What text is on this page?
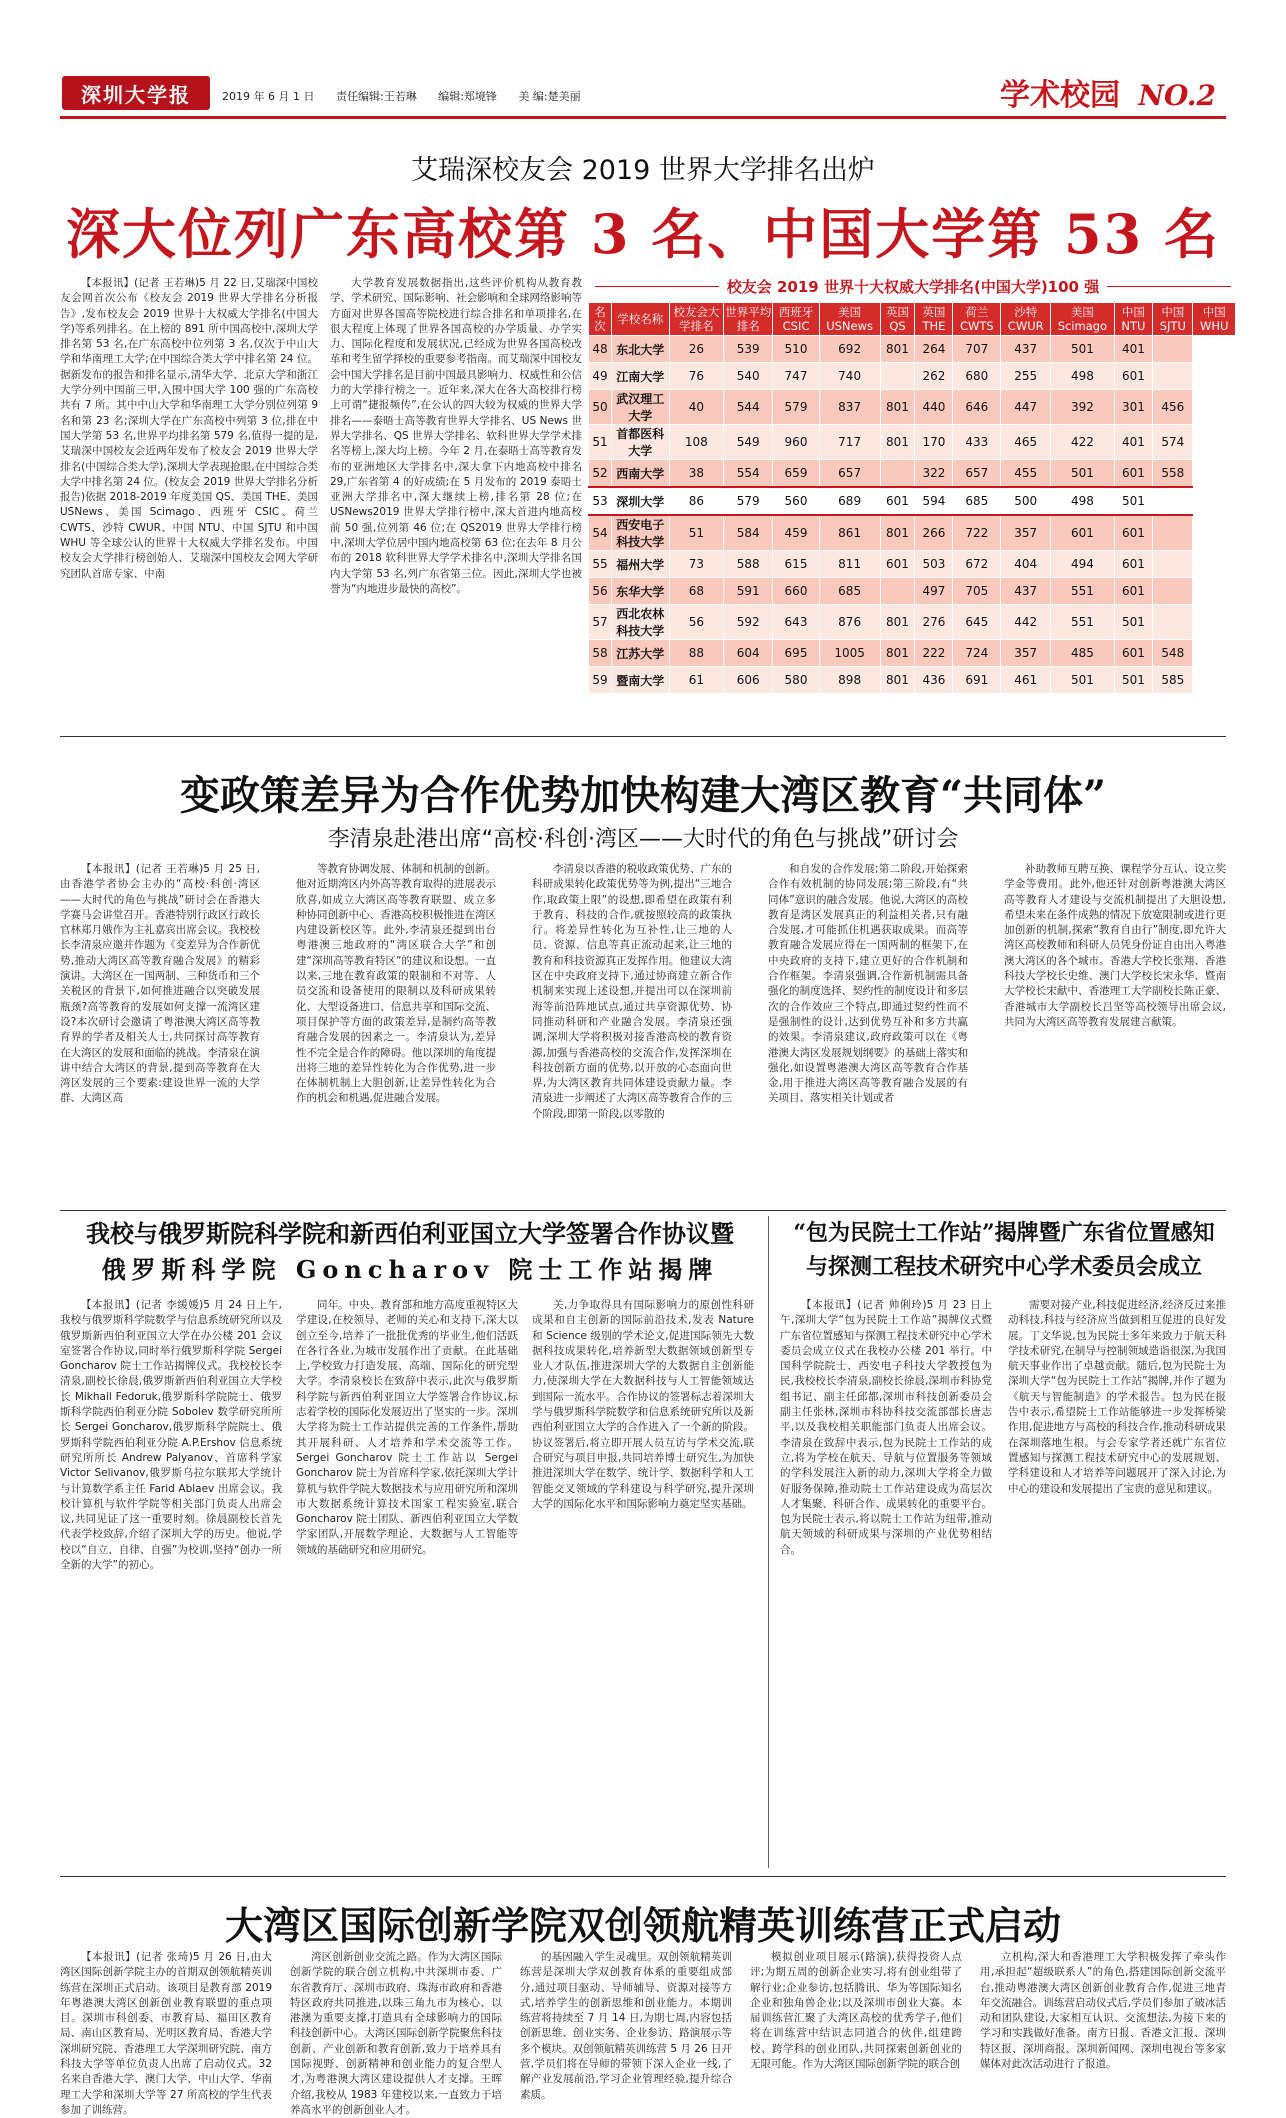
深圳大学报	2019 年 6 月 1 日 责任编辑:王若琳 编辑:郑境锋 美 编:楚美丽	学术校园 NO.2
艾瑞深校友会 2019 世界大学排名出炉
深大位列广东高校第 3 名、中国大学第 53 名

【本报讯】(记者 王若琳)5 月 22 日,艾瑞深中国校友会网首次公布《校友会 2019 世界大学排名分析报告》,发布校友会 2019 世界十大权威大学排名(中国大学)等系列排名。在上榜的 891 所中国高校中,深圳大学排名第 53 名,在广东高校中位列第 3 名,仅次于中山大学和华南理工大学;在中国综合类大学中排名第 24 位。据新发布的报告和排名显示,清华大学、北京大学和浙江大学分列中国前三甲,入围中国大学 100 强的广东高校共有 7 所。其中中山大学和华南理工大学分别位列第 9 名和第 23 名;深圳大学在广东高校中列第 3 位,排在中国大学第 53 名,世界平均排名第 579 名,值得一提的是,艾瑞深中国校友会近两年发布了校友会 2019 世界大学排名(中国综合类大学),深圳大学表现抢眼,在中国综合类大学中排名第 24 位。(校友会 2019 世界大学排名分析报告)依据 2018-2019 年度美国 QS、美国 THE、美国 USNews、美国 Scimago、西班牙 CSIC、荷兰 CWTS、沙特 CWUR、中国 NTU、中国 SJTU 和中国 WHU 等全球公认的世界十大权威大学排名发布。中国校友会大学排行榜创始人、艾瑞深中国校友会网大学研究团队首席专家、中南

大学教育发展数据指出,这些评价机构从教育教学、学术研究、国际影响、社会影响和全球网络影响等方面对世界各国高等院校进行综合排名和单项排名,在很大程度上体现了世界各国高校的办学质量、办学实力、国际化程度和发展状况,已经成为世界各国高校改革和考生留学择校的重要参考指南。而艾瑞深中国校友会中国大学排名是目前中国最具影响力、权威性和公信力的大学排行榜之一。近年来,深大在各大高校排行榜上可谓“捷报频传”,在公认的四大较为权威的世界大学排名——泰晤士高等教育世界大学排名、US News 世界大学排名、QS 世界大学排名、软科世界大学学术排名等榜上,深大均上榜。今年 2 月,在泰晤士高等教育发布的亚洲地区大学排名中,深大拿下内地高校中排名 29,广东省第 4 的好成绩;在 5 月发布的 2019 泰晤士亚洲大学排名中,深大继续上榜,排名第 28 位;在 USNews2019 世界大学排行榜中,深大首进内地高校前 50 强,位列第 46 位;在 QS2019 世界大学排行榜中,深圳大学位居中国内地高校第 63 位;在去年 8 月公布的 2018 软科世界大学学术排名中,深圳大学排名国内大学第 53 名,列广东省第三位。因此,深圳大学也被誉为“内地进步最快的高校”。

校友会 2019 世界十大权威大学排名(中国大学)100 强
名次	学校名称	校友会大学排名	世界平均排名	西班牙CSIC	美国USNews	英国QS	英国THE	荷兰CWTS	沙特CWUR	美国Scimago	中国NTU	中国SJTU	中国WHU
48	东北大学	26	539	510	692	801	264	707	437	501	401		
49	江南大学	76	540	747	740		262	680	255	498	601		
50	武汉理工大学	40	544	579	837	801	440	646	447	392	301	456	
51	首都医科大学	108	549	960	717	801	170	433	465	422	401	574	
52	西南大学	38	554	659	657		322	657	455	501	601	558	
53	深圳大学	86	579	560	689	601	594	685	500	498	501		
54	西安电子科技大学	51	584	459	861	801	266	722	357	601	601		
55	福州大学	73	588	615	811	601	503	672	404	494	601		
56	东华大学	68	591	660	685		497	705	437	551	601		
57	西北农林科技大学	56	592	643	876	801	276	645	442	551	501		
58	江苏大学	88	604	695	1005	801	222	724	357	485	601	548	
59	暨南大学	61	606	580	898	801	436	691	461	501	501	585	
变政策差异为合作优势加快构建大湾区教育“共同体”
李清泉赴港出席“高校·科创·湾区——大时代的角色与挑战”研讨会

【本报讯】(记者 王若琳)5 月 25 日,由香港学者协会主办的“高校·科创·湾区——大时代的角色与挑战”研讨会在香港大学赛马会讲堂召开。香港特别行政区行政长官林郑月娥作为主礼嘉宾出席会议。我校校长李清泉应邀并作题为《变差异为合作新优势,推动大湾区高等教育融合发展》的精彩演讲。大湾区在一国两制、三种货币和三个关税区的背景下,如何推进融合以突破发展瓶颈?高等教育的发展如何支撑一流湾区建设?本次研讨会邀请了粤港澳大湾区高等教育界的学者及相关人士,共同探讨高等教育在大湾区的发展和面临的挑战。李清泉在演讲中结合大湾区的背景,提到高等教育在大湾区发展的三个要素:建设世界一流的大学群、大湾区高

等教育协调发展、体制和机制的创新。他对近期湾区内外高等教育取得的进展表示欣喜,如成立大湾区高等教育联盟、成立多种协同创新中心、香港高校积极推进在湾区内建设新校区等。此外,李清泉还提到出台粤港澳三地政府的“湾区联合大学”和创建“深圳高等教育特区”的建议和设想。一直以来,三地在教育政策的限制和不对等、人员交流和设备使用的限制以及科研成果转化、大型设备进口、信息共享和国际交流、项目保护等方面的政策差异,是制约高等教育融合发展的因素之一。李清泉认为,差异性不完全是合作的障碍。他以深圳的角度提出将三地的差异性转化为合作优势,进一步在体制机制上大胆创新,让差异性转化为合作的机会和机遇,促进融合发展。

李清泉以香港的税收政策优势、广东的科研成果转化政策优势等为例,提出“三地合作,取政策上限”的设想,即希望在政策有利于教育、科技的合作,就按照较高的政策执行。将差异性转化为互补性,让三地的人员、资源、信息等真正流动起来,让三地的教育和科技资源真正发挥作用。他建议大湾区在中央政府支持下,通过协商建立新合作机制来实现上述设想,并提出可以在深圳前海等前沿阵地试点,通过共享资源优势、协同推动科研和产业融合发展。李清泉还强调,深圳大学将积极对接香港高校的教育资源,加强与香港高校的交流合作,发挥深圳在科技创新方面的优势,以开放的心态面向世界,为大湾区教育共同体建设贡献力量。李清泉进一步阐述了大湾区高等教育合作的三个阶段,即第一阶段,以零散的

和自发的合作发展;第二阶段,开始探索合作有效机制的协同发展;第三阶段,有“共同体”意识的融合发展。他说,大湾区的高校教育是湾区发展真正的利益相关者,只有融合发展,才可能抓住机遇获取成果。而高等教育融合发展应得在一国两制的框架下,在中央政府的支持下,建立更好的合作机制和合作框架。李清泉强调,合作新机制需具备强化的制度选择、契约性的制度设计和多层次的合作效应三个特点,即通过契约性而不是强制性的设计,达到优势互补和多方共赢的效果。李清泉建议,政府政策可以在《粤港澳大湾区发展规划纲要》的基础上落实和强化,如设置粤港澳大湾区高等教育合作基金,用于推进大湾区高等教育融合发展的有关项目、落实相关计划或者

补助教师互聘互换、课程学分互认、设立奖学金等费用。此外,他还针对创新粤港澳大湾区高等教育人才建设与交流机制提出了大胆设想,希望未来在条件成熟的情况下放宽限制或进行更加创新的机制,探索“教育自由行”制度,即允许大湾区高校教师和科研人员凭身份证自由出入粤港澳大湾区的各个城市。香港大学校长张翔、香港科技大学校长史维、澳门大学校长宋永华、暨南大学校长宋献中、香港理工大学副校长陈正豪、香港城市大学副校长吕坚等高校领导出席会议,共同为大湾区高等教育发展建言献策。

我校与俄罗斯院科学院和新西伯利亚国立大学签署合作协议暨
俄罗斯科学院 Goncharov 院士工作站揭牌

【本报讯】(记者 李缓媛)5 月 24 日上午,我校与俄罗斯科学院数学与信息系统研究所以及俄罗斯新西伯利亚国立大学在办公楼 201 会议室签署合作协议,同时举行俄罗斯科学院 Sergei Goncharov 院士工作站揭牌仪式。我校校长李清泉,副校长徐晨,俄罗斯新西伯利亚国立大学校长 Mikhail Fedoruk,俄罗斯科学院院士、俄罗斯科学院西伯利亚分院 Sobolev 数学研究所所长 Sergei Goncharov,俄罗斯科学院院士、俄罗斯科学院西伯利亚分院 A.P.Ershov 信息系统研究所所长 Andrew Palyanov、首席科学家 Victor Selivanov,俄罗斯乌拉尔联邦大学统计与计算数学系主任 Farid Ablaev 出席会议。我校计算机与软件学院等相关部门负责人出席会议,共同见证了这一重要时刻。徐晨副校长首先代表学校致辞,介绍了深圳大学的历史。他说,学校以“自立、自律、自强”为校训,坚持“创办一所全新的大学”的初心。

同年。中央、教育部和地方高度重视特区大学建设,在校领导、老师的关心和支持下,深大以创立至今,培养了一批批优秀的毕业生,他们活跃在各行各业,为城市发展作出了贡献。在此基础上,学校致力打造发展、高端、国际化的研究型大学。李清泉校长在致辞中表示,此次与俄罗斯科学院与新西伯利亚国立大学签署合作协议,标志着学校的国际化发展迈出了坚实的一步。深圳大学将为院士工作站提供完善的工作条件,帮助其开展科研、人才培养和学术交流等工作。Sergei Goncharov 院士工作站以 Sergei Goncharov 院士为首席科学家,依托深圳大学计算机与软件学院大数据技术与应用研究所和深圳市大数据系统计算技术国家工程实验室,联合 Goncharov 院士团队、新西伯利亚国立大学数学家团队,开展数学理论、大数据与人工智能等领域的基础研究和应用研究。

关,力争取得具有国际影响力的原创性科研成果和自主创新的国际前沿技术,发表 Nature 和 Science 级别的学术论文,促进国际领先大数据科技成果转化,培养新型大数据领域创新型专业人才队伍,推进深圳大学的大数据自主创新能力,使深圳大学在大数据科技与人工智能领域达到国际一流水平。合作协议的签署标志着深圳大学与俄罗斯科学院数学和信息系统研究所以及新西伯利亚国立大学的合作进入了一个新的阶段。协议签署后,将立即开展人员互访与学术交流,联合研究与项目申报,共同培养博士研究生,为加快推进深圳大学在数学、统计学、数据科学和人工智能交叉领域的学科建设与科学研究,提升深圳大学的国际化水平和国际影响力奠定坚实基础。

“包为民院士工作站”揭牌暨广东省位置感知
与探测工程技术研究中心学术委员会成立

【本报讯】(记者 帅俐玲)5 月 23 日上午,深圳大学“包为民院士工作站”揭牌仪式暨广东省位置感知与探测工程技术研究中心学术委员会成立仪式在我校办公楼 201 举行。中国科学院院士、西安电子科技大学教授包为民,我校校长李清泉,副校长徐晨,深圳市科协党组书记、副主任邱都,深圳市科技创新委员会副主任张林,深圳市科协科技交流部部长唐志平,以及我校相关职能部门负责人出席会议。李清泉在致辞中表示,包为民院士工作站的成立,将为学校在航天、导航与位置服务等领域的学科发展注入新的动力,深圳大学将全力做好服务保障,推动院士工作站建设成为高层次人才集聚、科研合作、成果转化的重要平台。包为民院士表示,将以院士工作站为纽带,推动航天领域的科研成果与深圳的产业优势相结合。

需要对接产业,科技促进经济,经济反过来推动科技,科技与经济应当做到相互促进的良好发展。丁文华说,包为民院士多年来致力于航天科学技术研究,在制导与控制领域造诣很深,为我国航天事业作出了卓越贡献。随后,包为民院士为深圳大学“包为民院士工作站”揭牌,并作了题为《航天与智能制造》的学术报告。包为民在报告中表示,希望院士工作站能够进一步发挥桥梁作用,促进地方与高校的科技合作,推动科研成果在深圳落地生根。与会专家学者还就广东省位置感知与探测工程技术研究中心的发展规划、学科建设和人才培养等问题展开了深入讨论,为中心的建设和发展提出了宝贵的意见和建议。

大湾区国际创新学院双创领航精英训练营正式启动

【本报讯】(记者 张琦)5 月 26 日,由大湾区国际创新学院主办的首期双创领航精英训练营在深圳正式启动。该项目是教育部 2019 年粤港澳大湾区创新创业教育联盟的重点项目。深圳市科创委、市教育局、福田区教育局、南山区教育局、光明区教育局、香港大学深圳研究院、香港理工大学深圳研究院、南方科技大学等单位负责人出席了启动仪式。32 名来自香港大学、澳门大学、中山大学、华南理工大学和深圳大学等 27 所高校的学生代表参加了训练营。

湾区创新创业交流之路。作为大湾区国际创新学院的联合创立机构,中共深圳市委、广东省教育厅、深圳市政府、珠海市政府和香港特区政府共同推进,以珠三角九市为核心、以港澳为重要支撑,打造具有全球影响力的国际科技创新中心。大湾区国际创新学院聚焦科技创新、产业创新和教育创新,致力于培养具有国际视野、创新精神和创业能力的复合型人才,为粤港澳大湾区建设提供人才支撑。王晖介绍,我校从 1983 年建校以来,一直致力于培养高水平的创新创业人才。

的基因融入学生灵魂里。双创领航精英训练营是深圳大学双创教育体系的重要组成部分,通过项目驱动、导师辅导、资源对接等方式,培养学生的创新思维和创业能力。本期训练营将持续至 7 月 14 日,为期七周,内容包括创新思维、创业实务、企业参访、路演展示等多个模块。双创领航精英训练营 5 月 26 日开营,学员们将在导师的带领下深入企业一线,了解产业发展前沿,学习企业管理经验,提升综合素质。

模拟创业项目展示(路演),获得投资人点评;为期五周的创新企业实习,将有创业组带了解行业;企业参访,包括腾讯、华为等国际知名企业和独角兽企业;以及深圳市创业大赛。本届训练营汇聚了大湾区高校的优秀学子,他们将在训练营中结识志同道合的伙伴,组建跨校、跨学科的创业团队,共同探索创新创业的无限可能。作为大湾区国际创新学院的联合创

立机构,深大和香港理工大学积极发挥了牵头作用,承担起“超级联系人”的角色,搭建国际创新交流平台,推动粤港澳大湾区创新创业教育合作,促进三地青年交流融合。训练营启动仪式后,学员们参加了破冰活动和团队建设,大家相互认识、交流想法,为接下来的学习和实践做好准备。南方日报、香港文汇报、深圳特区报、深圳商报、深圳新闻网、深圳电视台等多家媒体对此次活动进行了报道。
